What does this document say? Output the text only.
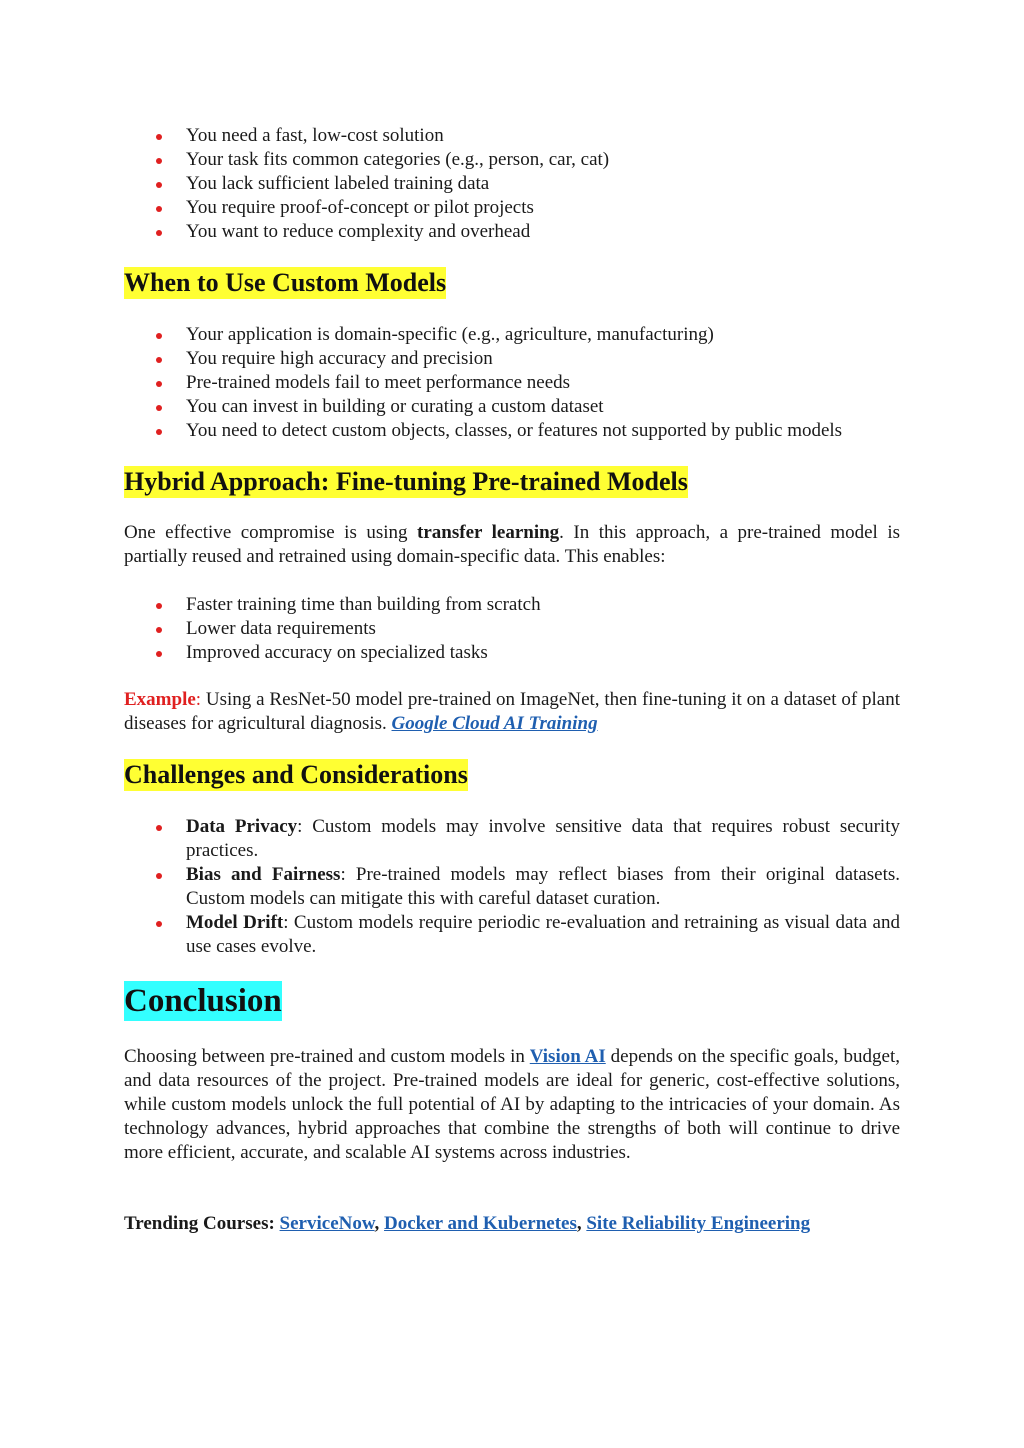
You need a fast, low-cost solution
Your task fits common categories (e.g., person, car, cat)
You lack sufficient labeled training data
You require proof-of-concept or pilot projects
You want to reduce complexity and overhead
When to Use Custom Models
Your application is domain-specific (e.g., agriculture, manufacturing)
You require high accuracy and precision
Pre-trained models fail to meet performance needs
You can invest in building or curating a custom dataset
You need to detect custom objects, classes, or features not supported by public models
Hybrid Approach: Fine-tuning Pre-trained Models

One effective compromise is using transfer learning. In this approach, a pre-trained model is partially reused and retrained using domain-specific data. This enables:

Faster training time than building from scratch
Lower data requirements
Improved accuracy on specialized tasks

Example: Using a ResNet-50 model pre-trained on ImageNet, then fine-tuning it on a dataset of plant diseases for agricultural diagnosis. Google Cloud AI Training

Challenges and Considerations
Data Privacy: Custom models may involve sensitive data that requires robust security practices.
Bias and Fairness: Pre-trained models may reflect biases from their original datasets. Custom models can mitigate this with careful dataset curation.
Model Drift: Custom models require periodic re-evaluation and retraining as visual data and use cases evolve.
Conclusion

Choosing between pre-trained and custom models in Vision AI depends on the specific goals, budget, and data resources of the project. Pre-trained models are ideal for generic, cost-effective solutions, while custom models unlock the full potential of AI by adapting to the intricacies of your domain. As technology advances, hybrid approaches that combine the strengths of both will continue to drive more efficient, accurate, and scalable AI systems across industries.

Trending Courses: ServiceNow, Docker and Kubernetes, Site Reliability Engineering
